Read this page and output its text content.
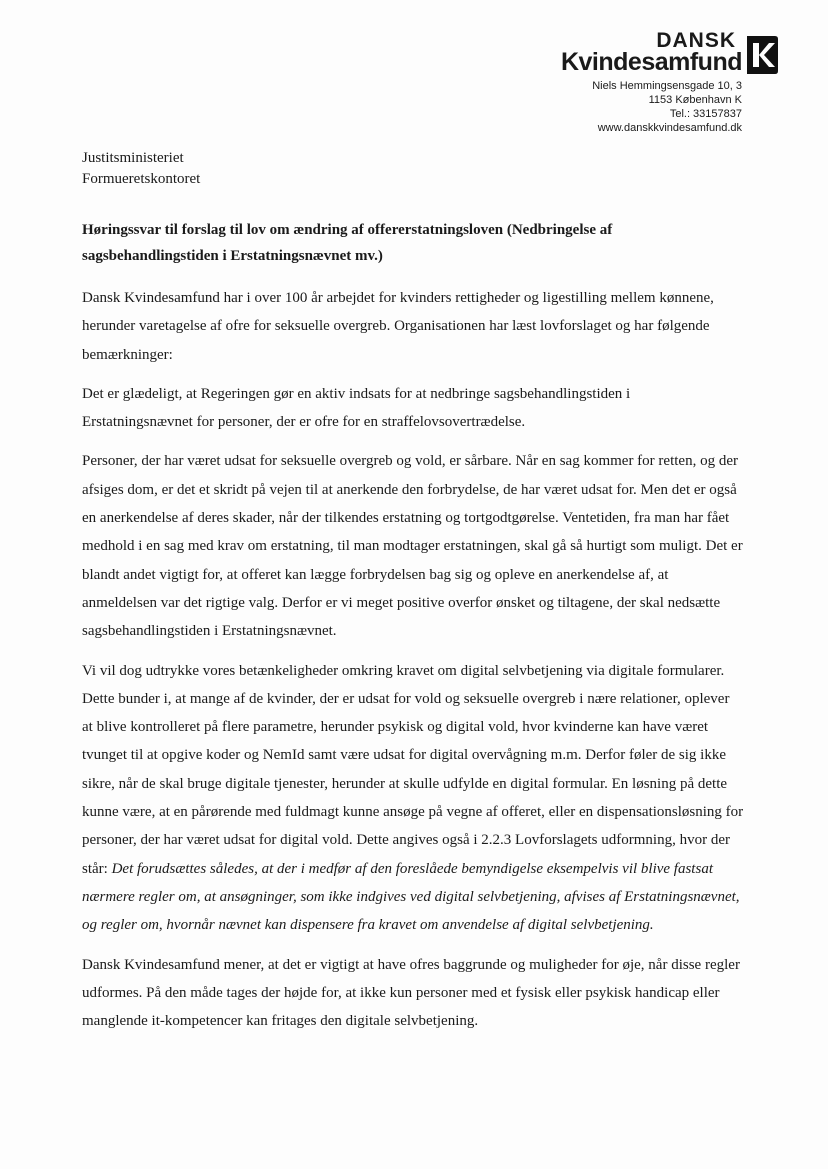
DANSK
Kvindesamfund
Niels Hemmingsensgade 10, 3
1153 København K
Tel.: 33157837
www.danskkvindesamfund.dk
Justitsministeriet
Formueretskontoret

Høringssvar til forslag til lov om ændring af offererstatningsloven (Nedbringelse af sagsbehandlingstiden i Erstatningsnævnet mv.)

Dansk Kvindesamfund har i over 100 år arbejdet for kvinders rettigheder og ligestilling mellem kønnene, herunder varetagelse af ofre for seksuelle overgreb. Organisationen har læst lovforslaget og har følgende bemærkninger:

Det er glædeligt, at Regeringen gør en aktiv indsats for at nedbringe sagsbehandlingstiden i Erstatningsnævnet for personer, der er ofre for en straffelovsovertrædelse.

Personer, der har været udsat for seksuelle overgreb og vold, er sårbare. Når en sag kommer for retten, og der afsiges dom, er det et skridt på vejen til at anerkende den forbrydelse, de har været udsat for. Men det er også en anerkendelse af deres skader, når der tilkendes erstatning og tortgodtgørelse. Ventetiden, fra man har fået medhold i en sag med krav om erstatning, til man modtager erstatningen, skal gå så hurtigt som muligt. Det er blandt andet vigtigt for, at offeret kan lægge forbrydelsen bag sig og opleve en anerkendelse af, at anmeldelsen var det rigtige valg. Derfor er vi meget positive overfor ønsket og tiltagene, der skal nedsætte sagsbehandlingstiden i Erstatningsnævnet.

Vi vil dog udtrykke vores betænkeligheder omkring kravet om digital selvbetjening via digitale formularer. Dette bunder i, at mange af de kvinder, der er udsat for vold og seksuelle overgreb i nære relationer, oplever at blive kontrolleret på flere parametre, herunder psykisk og digital vold, hvor kvinderne kan have været tvunget til at opgive koder og NemId samt være udsat for digital overvågning m.m. Derfor føler de sig ikke sikre, når de skal bruge digitale tjenester, herunder at skulle udfylde en digital formular. En løsning på dette kunne være, at en pårørende med fuldmagt kunne ansøge på vegne af offeret, eller en dispensationsløsning for personer, der har været udsat for digital vold. Dette angives også i 2.2.3 Lovforslagets udformning, hvor der står: Det forudsættes således, at der i medfør af den foreslåede bemyndigelse eksempelvis vil blive fastsat nærmere regler om, at ansøgninger, som ikke indgives ved digital selvbetjening, afvises af Erstatningsnævnet, og regler om, hvornår nævnet kan dispensere fra kravet om anvendelse af digital selvbetjening.

Dansk Kvindesamfund mener, at det er vigtigt at have ofres baggrunde og muligheder for øje, når disse regler udformes. På den måde tages der højde for, at ikke kun personer med et fysisk eller psykisk handicap eller manglende it-kompetencer kan fritages den digitale selvbetjening.
